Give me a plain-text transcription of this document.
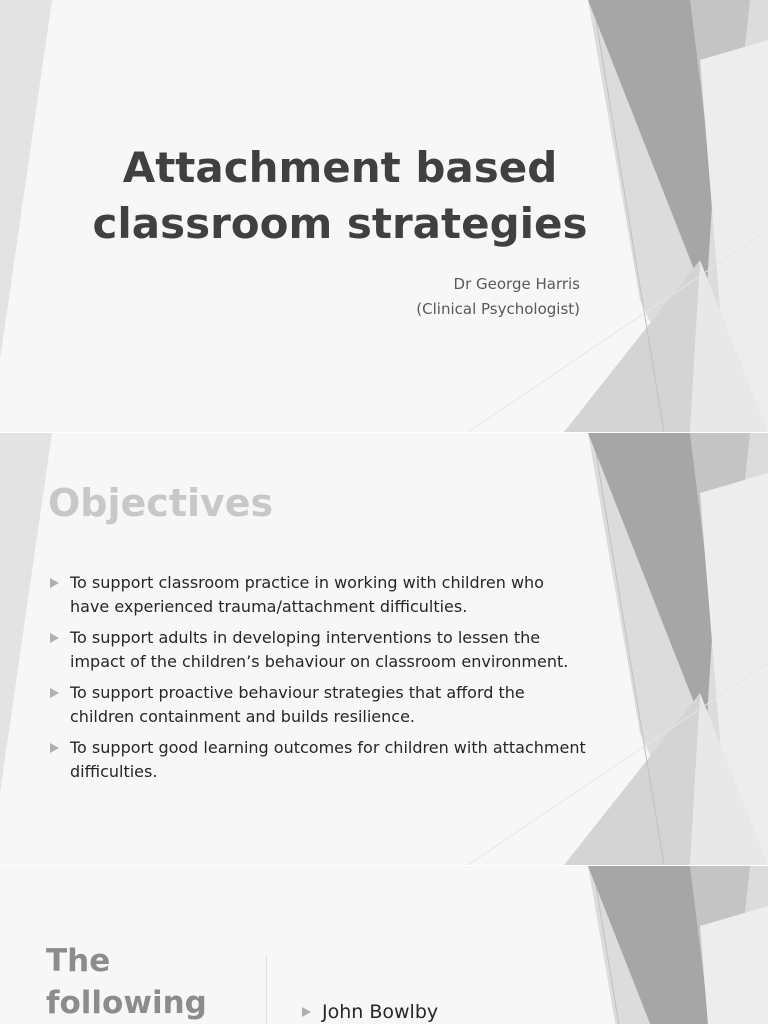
Attachment based classroom strategies
Dr George Harris
(Clinical Psychologist)
Objectives
To support classroom practice in working with children who have experienced trauma/attachment difficulties.
To support adults in developing interventions to lessen the impact of the children’s behaviour on classroom environment.
To support proactive behaviour strategies that afford the children containment and builds resilience.
To support good learning outcomes for children with attachment difficulties.
The following	John Bowlby
